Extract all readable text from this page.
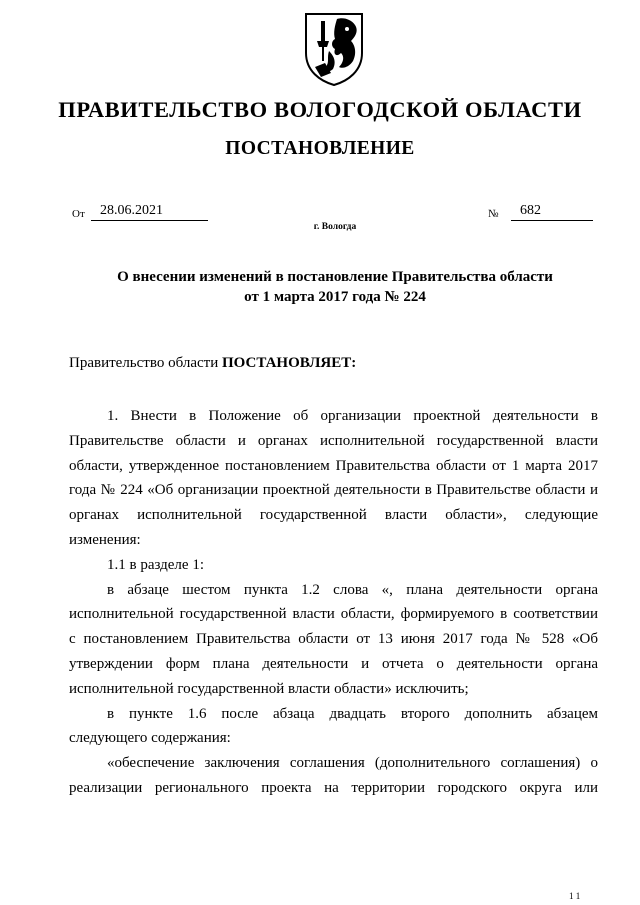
ПРАВИТЕЛЬСТВО ВОЛОГОДСКОЙ ОБЛАСТИ
ПОСТАНОВЛЕНИЕ
От	28.06.2021	№	682
г. Вологда
О внесении изменений в постановление Правительства области
от 1 марта 2017 года № 224
Правительство области ПОСТАНОВЛЯЕТ:
1. Внести в Положение об организации проектной деятельности в
Правительстве области и органах исполнительной государственной власти
области, утвержденное постановлением Правительства области от 1 марта 2017
года № 224 «Об организации проектной деятельности в Правительстве области и
органах исполнительной государственной власти области», следующие
изменения:
1.1 в разделе 1:
в абзаце шестом пункта 1.2 слова «, плана деятельности органа
исполнительной государственной власти области, формируемого в соответствии
с постановлением Правительства области от 13 июня 2017 года № 528 «Об
утверждении форм плана деятельности и отчета о деятельности органа
исполнительной государственной власти области» исключить;
в пункте 1.6 после абзаца двадцать второго дополнить абзацем
следующего содержания:
«обеспечение заключения соглашения (дополнительного соглашения) о
реализации регионального проекта на территории городского округа или
1 1
